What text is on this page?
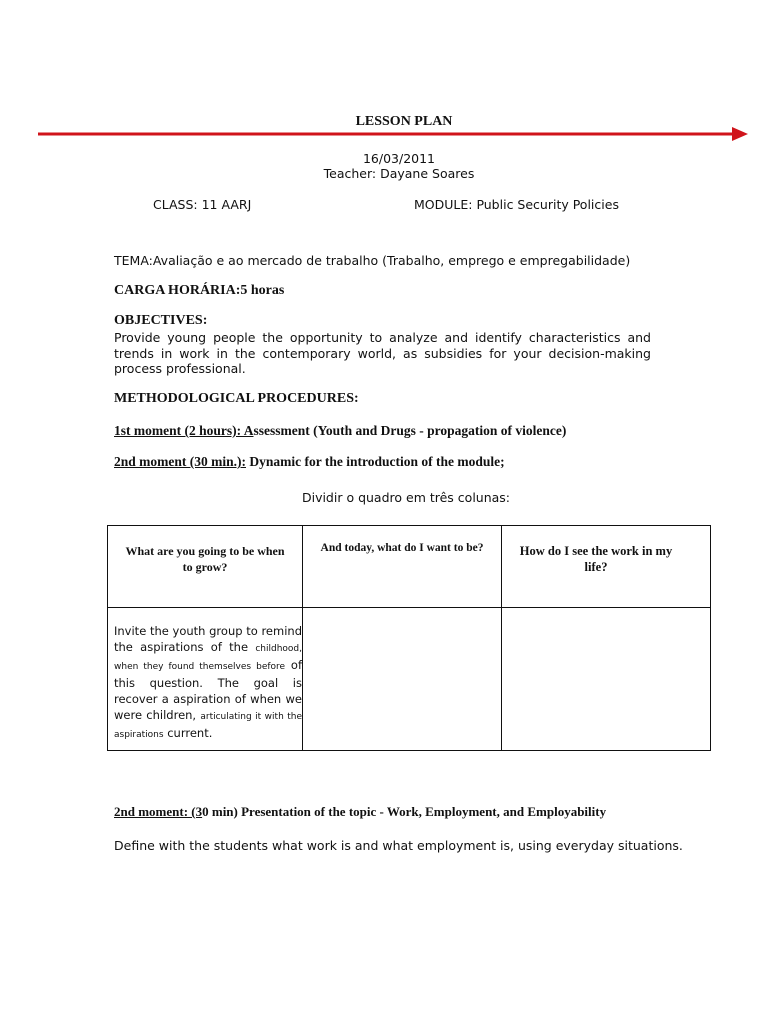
LESSON PLAN
16/03/2011
Teacher: Dayane Soares
CLASS: 11 AARJ	MODULE: Public Security Policies
TEMA:Avaliação e ao mercado de trabalho (Trabalho, emprego e empregabilidade)
CARGA HORÁRIA:5 horas
OBJECTIVES:
Provide young people the opportunity to analyze and identify characteristics and trends in work in the contemporary world, as subsidies for your decision-making process professional.
METHODOLOGICAL PROCEDURES:
1st moment (2 hours): Assessment (Youth and Drugs - propagation of violence)
2nd moment (30 min.): Dynamic for the introduction of the module;
Dividir o quadro em três colunas:
What are you going to be when to grow?	And today, what do I want to be?	How do I see the work in my life?
Invite the youth group to remind the aspirations of the childhood, when they found themselves before of this question. The goal is recover a aspiration of when we were children, articulating it with the aspirations current.		
2nd moment: (30 min) Presentation of the topic - Work, Employment, and Employability
Define with the students what work is and what employment is, using everyday situations.
